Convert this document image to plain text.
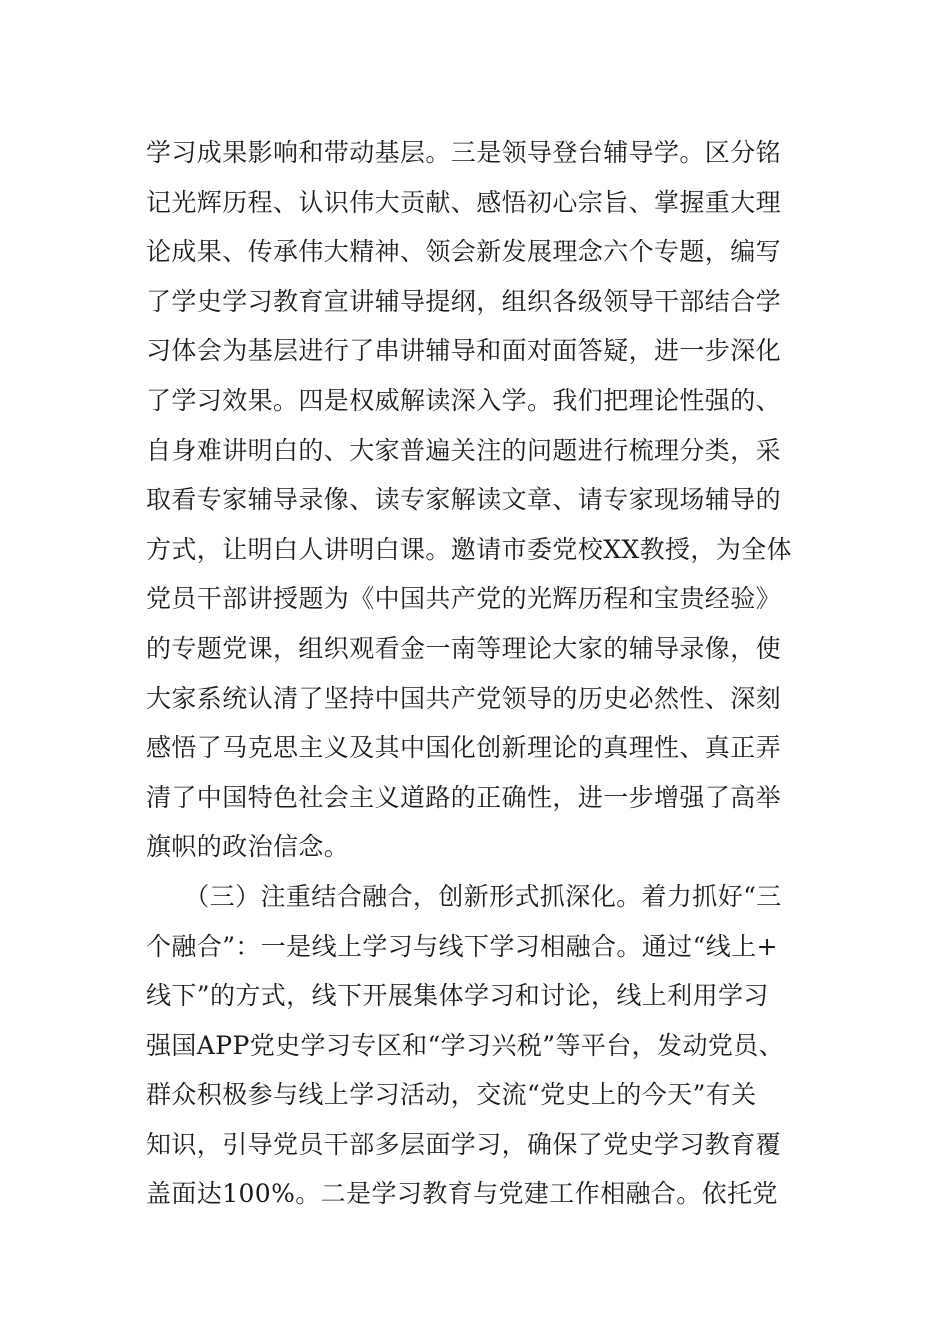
学习成果影响和带动基层。三是领导登台辅导学。区分铭
记光辉历程、认识伟大贡献、感悟初心宗旨、掌握重大理
论成果、传承伟大精神、领会新发展理念六个专题，编写
了学史学习教育宣讲辅导提纲，组织各级领导干部结合学
习体会为基层进行了串讲辅导和面对面答疑，进一步深化
了学习效果。四是权威解读深入学。我们把理论性强的、
自身难讲明白的、大家普遍关注的问题进行梳理分类，采
取看专家辅导录像、读专家解读文章、请专家现场辅导的
方式，让明白人讲明白课。邀请市委党校XX教授，为全体
党员干部讲授题为《中国共产党的光辉历程和宝贵经验》
的专题党课，组织观看金一南等理论大家的辅导录像，使
大家系统认清了坚持中国共产党领导的历史必然性、深刻
感悟了马克思主义及其中国化创新理论的真理性、真正弄
清了中国特色社会主义道路的正确性，进一步增强了高举
旗帜的政治信念。
　　（三）注重结合融合，创新形式抓深化。着力抓好“三
个融合”：一是线上学习与线下学习相融合。通过“线上+
线下”的方式，线下开展集体学习和讨论，线上利用学习
强国APP党史学习专区和“学习兴税”等平台，发动党员、
群众积极参与线上学习活动，交流“党史上的今天”有关
知识，引导党员干部多层面学习，确保了党史学习教育覆
盖面达100%。二是学习教育与党建工作相融合。依托党
